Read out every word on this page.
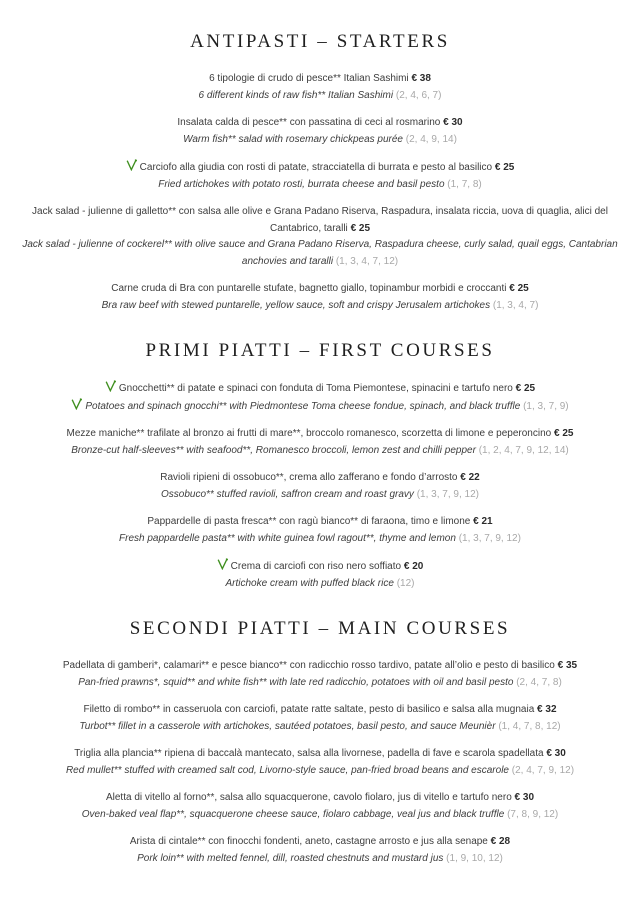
ANTIPASTI – STARTERS

6 tipologie di crudo di pesce** Italian Sashimi € 38

6 different kinds of raw fish** Italian Sashimi (2, 4, 6, 7)

Insalata calda di pesce** con passatina di ceci al rosmarino € 30

Warm fish** salad with rosemary chickpeas purée (2, 4, 9, 14)

Carciofo alla giudia con rosti di patate, stracciatella di burrata e pesto al basilico € 25

Fried artichokes with potato rosti, burrata cheese and basil pesto (1, 7, 8)

Jack salad - julienne di galletto** con salsa alle olive e Grana Padano Riserva, Raspadura, insalata riccia, uova di quaglia, alici del Cantabrico, taralli € 25

Jack salad - julienne of cockerel** with olive sauce and Grana Padano Riserva, Raspadura cheese, curly salad, quail eggs, Cantabrian anchovies and taralli (1, 3, 4, 7, 12)

Carne cruda di Bra con puntarelle stufate, bagnetto giallo, topinambur morbidi e croccanti € 25

Bra raw beef with stewed puntarelle, yellow sauce, soft and crispy Jerusalem artichokes (1, 3, 4, 7)

PRIMI PIATTI – FIRST COURSES

Gnocchetti** di patate e spinaci con fonduta di Toma Piemontese, spinacini e tartufo nero € 25

Potatoes and spinach gnocchi** with Piedmontese Toma cheese fondue, spinach, and black truffle (1, 3, 7, 9)

Mezze maniche** trafilate al bronzo ai frutti di mare**, broccolo romanesco, scorzetta di limone e peperoncino € 25

Bronze-cut half-sleeves** with seafood**, Romanesco broccoli, lemon zest and chilli pepper (1, 2, 4, 7, 9, 12, 14)

Ravioli ripieni di ossobuco**, crema allo zafferano e fondo d’arrosto € 22

Ossobuco** stuffed ravioli, saffron cream and roast gravy (1, 3, 7, 9, 12)

Pappardelle di pasta fresca** con ragù bianco** di faraona, timo e limone € 21

Fresh pappardelle pasta** with white guinea fowl ragout**, thyme and lemon (1, 3, 7, 9, 12)

Crema di carciofi con riso nero soffiato € 20

Artichoke cream with puffed black rice (12)

SECONDI PIATTI – MAIN COURSES

Padellata di gamberi*, calamari** e pesce bianco** con radicchio rosso tardivo, patate all’olio e pesto di basilico € 35

Pan-fried prawns*, squid** and white fish** with late red radicchio, potatoes with oil and basil pesto (2, 4, 7, 8)

Filetto di rombo** in casseruola con carciofi, patate ratte saltate, pesto di basilico e salsa alla mugnaia € 32

Turbot** fillet in a casserole with artichokes, sautéed potatoes, basil pesto, and sauce Meunièr (1, 4, 7, 8, 12)

Triglia alla plancia** ripiena di baccalà mantecato, salsa alla livornese, padella di fave e scarola spadellata € 30

Red mullet** stuffed with creamed salt cod, Livorno-style sauce, pan-fried broad beans and escarole (2, 4, 7, 9, 12)

Aletta di vitello al forno**, salsa allo squacquerone, cavolo fiolaro, jus di vitello e tartufo nero € 30

Oven-baked veal flap**, squacquerone cheese sauce, fiolaro cabbage, veal jus and black truffle (7, 8, 9, 12)

Arista di cintale** con finocchi fondenti, aneto, castagne arrosto e jus alla senape € 28

Pork loin** with melted fennel, dill, roasted chestnuts and mustard jus (1, 9, 10, 12)
